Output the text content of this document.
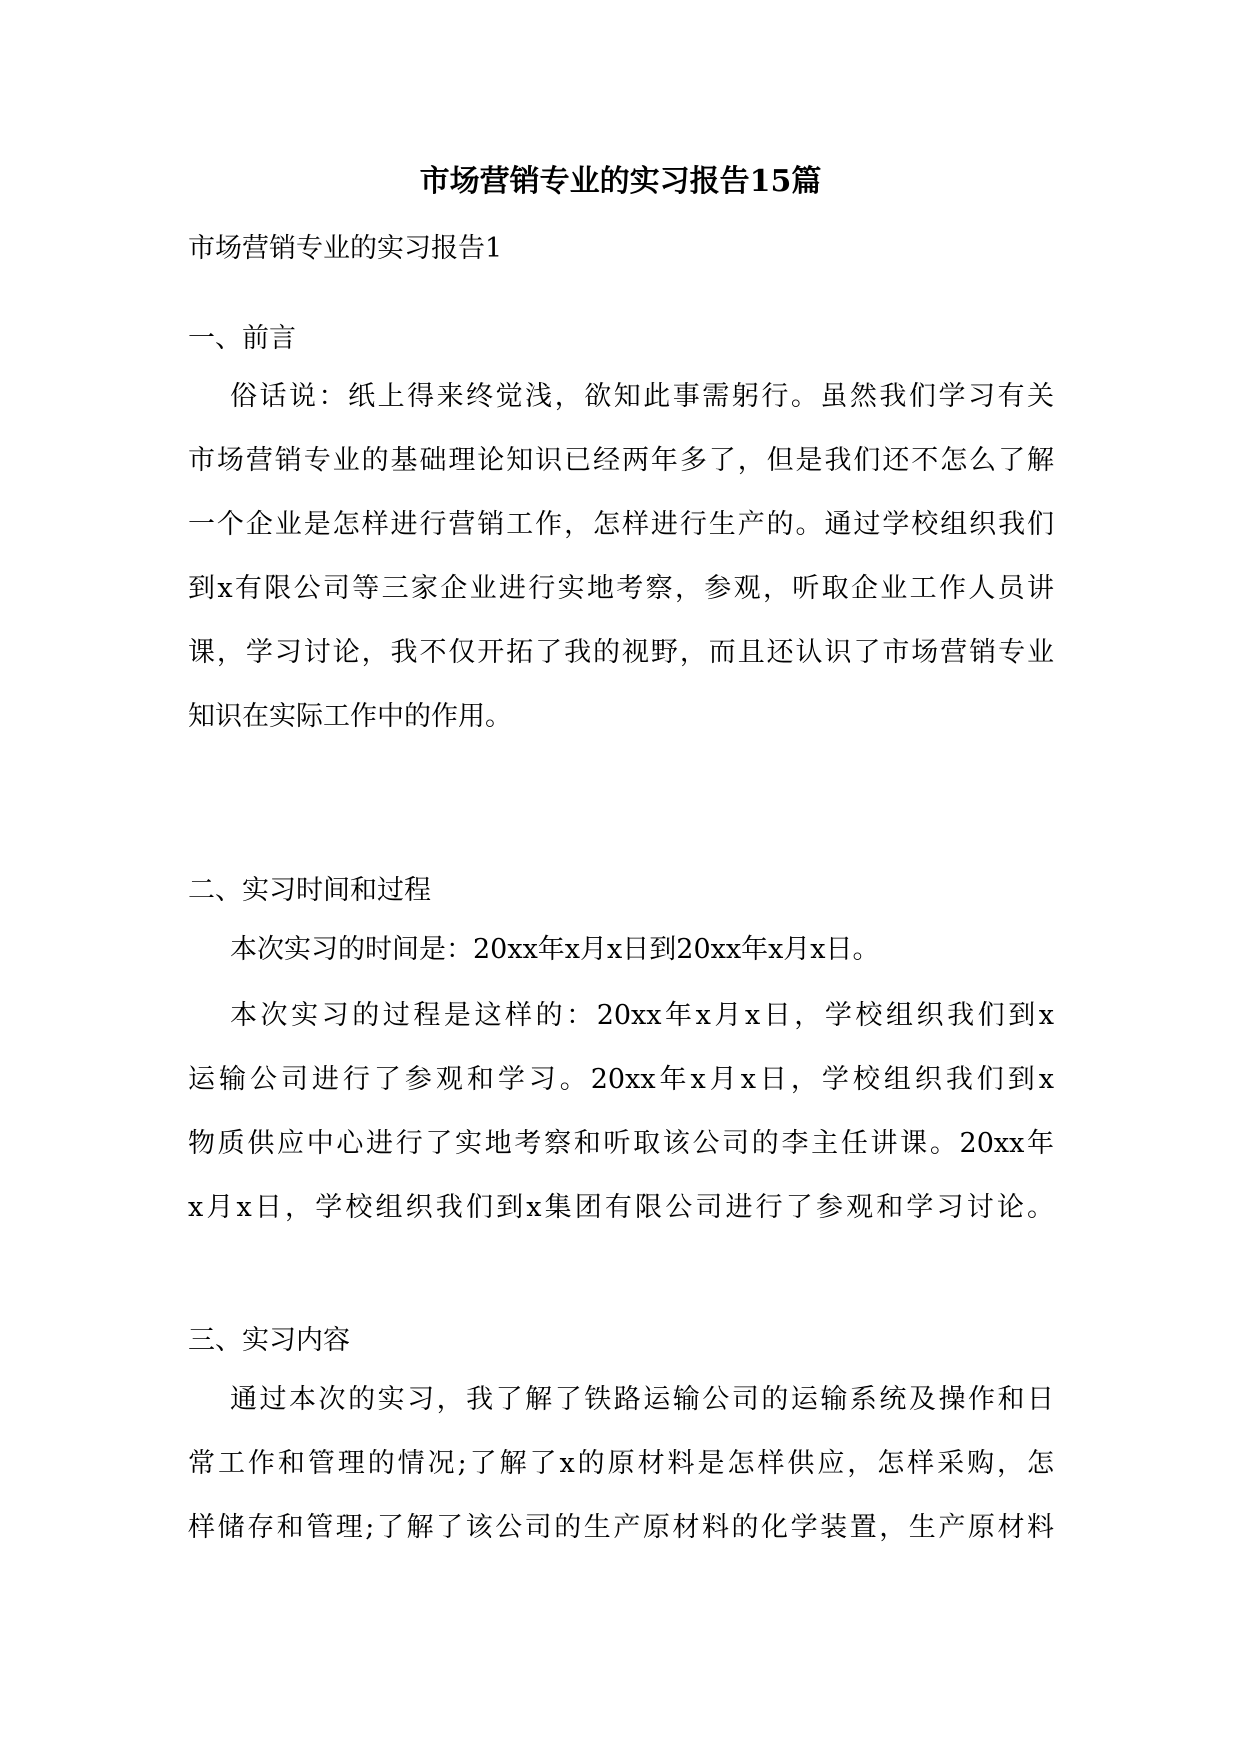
市场营销专业的实习报告15篇
市场营销专业的实习报告1
一、前言
俗话说：纸上得来终觉浅，欲知此事需躬行。虽然我们学习有关
市场营销专业的基础理论知识已经两年多了，但是我们还不怎么了解
一个企业是怎样进行营销工作，怎样进行生产的。通过学校组织我们
到x有限公司等三家企业进行实地考察，参观，听取企业工作人员讲
课，学习讨论，我不仅开拓了我的视野，而且还认识了市场营销专业
知识在实际工作中的作用。
二、实习时间和过程
本次实习的时间是：20xx年x月x日到20xx年x月x日。
本次实习的过程是这样的：20xx年x月x日，学校组织我们到x
运输公司进行了参观和学习。20xx年x月x日，学校组织我们到x
物质供应中心进行了实地考察和听取该公司的李主任讲课。20xx年
x月x日，学校组织我们到x集团有限公司进行了参观和学习讨论。
三、实习内容
通过本次的实习，我了解了铁路运输公司的运输系统及操作和日
常工作和管理的情况;了解了x的原材料是怎样供应，怎样采购，怎
样储存和管理;了解了该公司的生产原材料的化学装置，生产原材料
